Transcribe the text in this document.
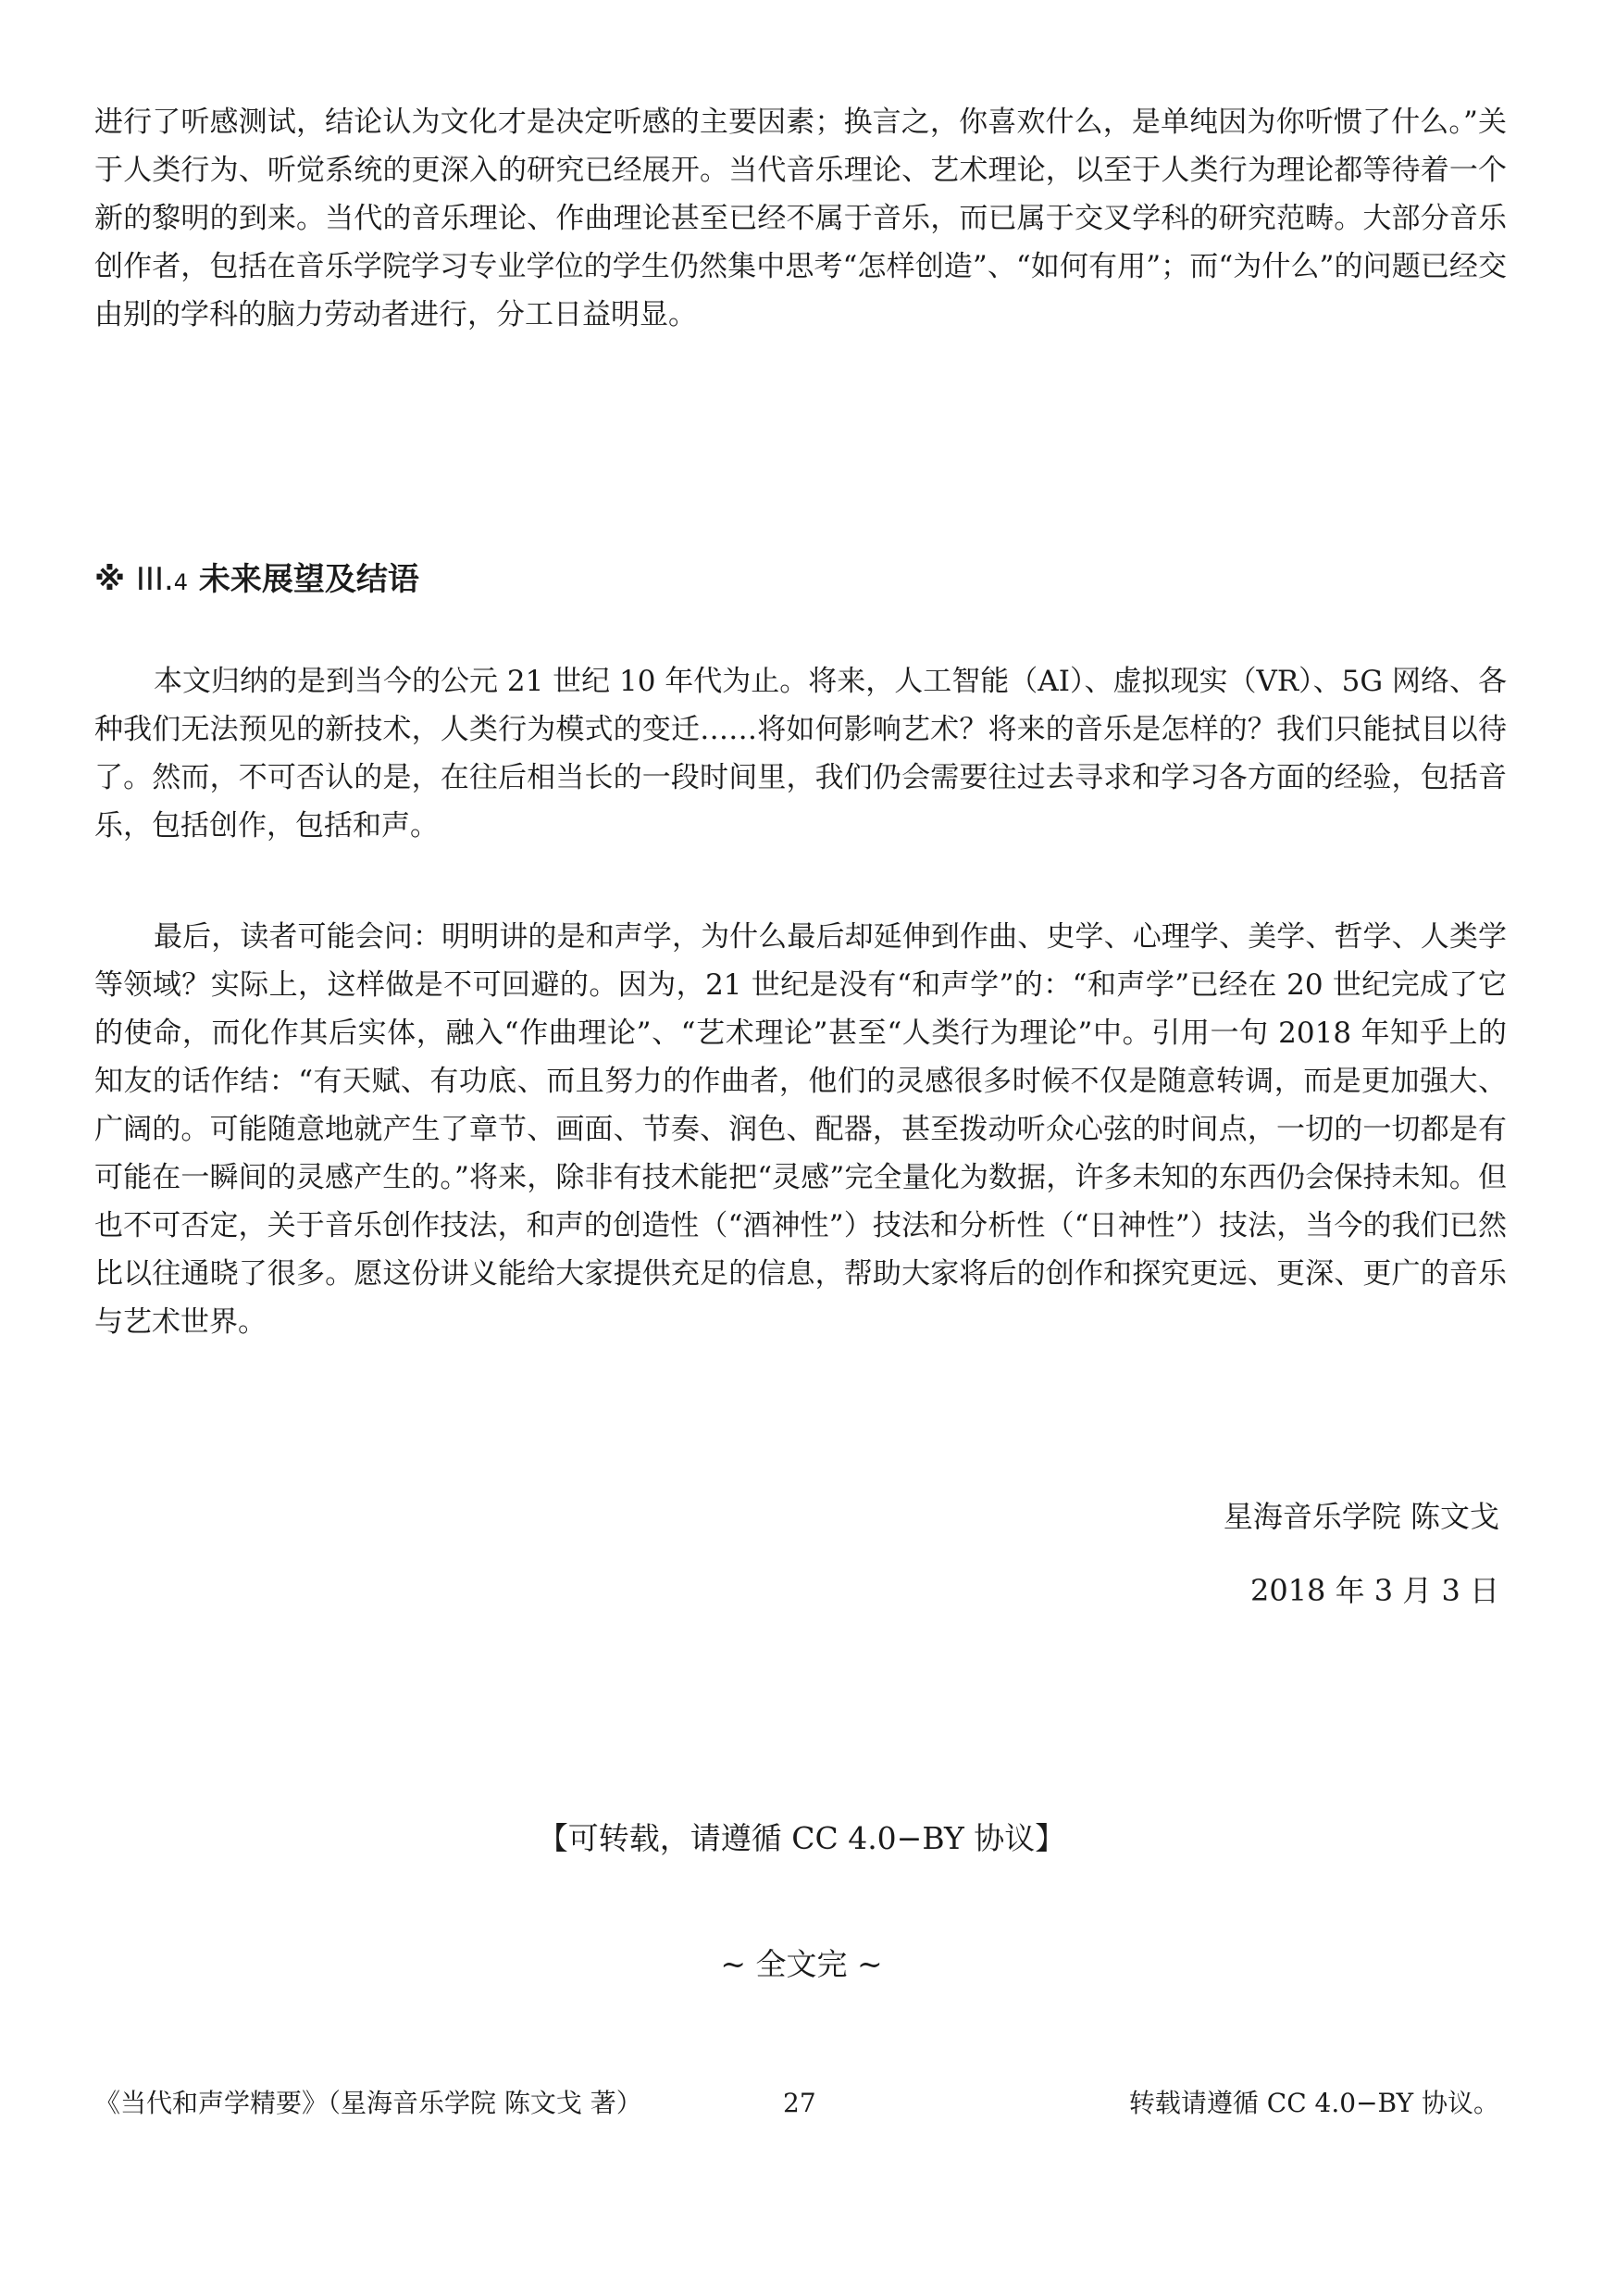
进行了听感测试，结论认为文化才是决定听感的主要因素；换言之，你喜欢什么，是单纯因为你听惯了什么。”关于人类行为、听觉系统的更深入的研究已经展开。当代音乐理论、艺术理论，以至于人类行为理论都等待着一个新的黎明的到来。当代的音乐理论、作曲理论甚至已经不属于音乐，而已属于交叉学科的研究范畴。大部分音乐创作者，包括在音乐学院学习专业学位的学生仍然集中思考“怎样创造”、“如何有用”；而“为什么”的问题已经交由别的学科的脑力劳动者进行，分工日益明显。

※ III.4 未来展望及结语

本文归纳的是到当今的公元 21 世纪 10 年代为止。将来，人工智能（AI）、虚拟现实（VR）、5G 网络、各种我们无法预见的新技术，人类行为模式的变迁……将如何影响艺术？将来的音乐是怎样的？我们只能拭目以待了。然而，不可否认的是，在往后相当长的一段时间里，我们仍会需要往过去寻求和学习各方面的经验，包括音乐，包括创作，包括和声。

最后，读者可能会问：明明讲的是和声学，为什么最后却延伸到作曲、史学、心理学、美学、哲学、人类学等领域？实际上，这样做是不可回避的。因为，21 世纪是没有“和声学”的：“和声学”已经在 20 世纪完成了它的使命，而化作其后实体，融入“作曲理论”、“艺术理论”甚至“人类行为理论”中。引用一句 2018 年知乎上的知友的话作结：“有天赋、有功底、而且努力的作曲者，他们的灵感很多时候不仅是随意转调，而是更加强大、广阔的。可能随意地就产生了章节、画面、节奏、润色、配器，甚至拨动听众心弦的时间点，一切的一切都是有可能在一瞬间的灵感产生的。”将来，除非有技术能把“灵感”完全量化为数据，许多未知的东西仍会保持未知。但也不可否定，关于音乐创作技法，和声的创造性（“酒神性”）技法和分析性（“日神性”）技法，当今的我们已然比以往通晓了很多。愿这份讲义能给大家提供充足的信息，帮助大家将后的创作和探究更远、更深、更广的音乐与艺术世界。

星海音乐学院 陈文戈

2018 年 3 月 3 日

【可转载，请遵循 CC 4.0−BY 协议】

~ 全文完 ~

《当代和声学精要》（星海音乐学院 陈文戈 著）	27	转载请遵循 CC 4.0−BY 协议。
